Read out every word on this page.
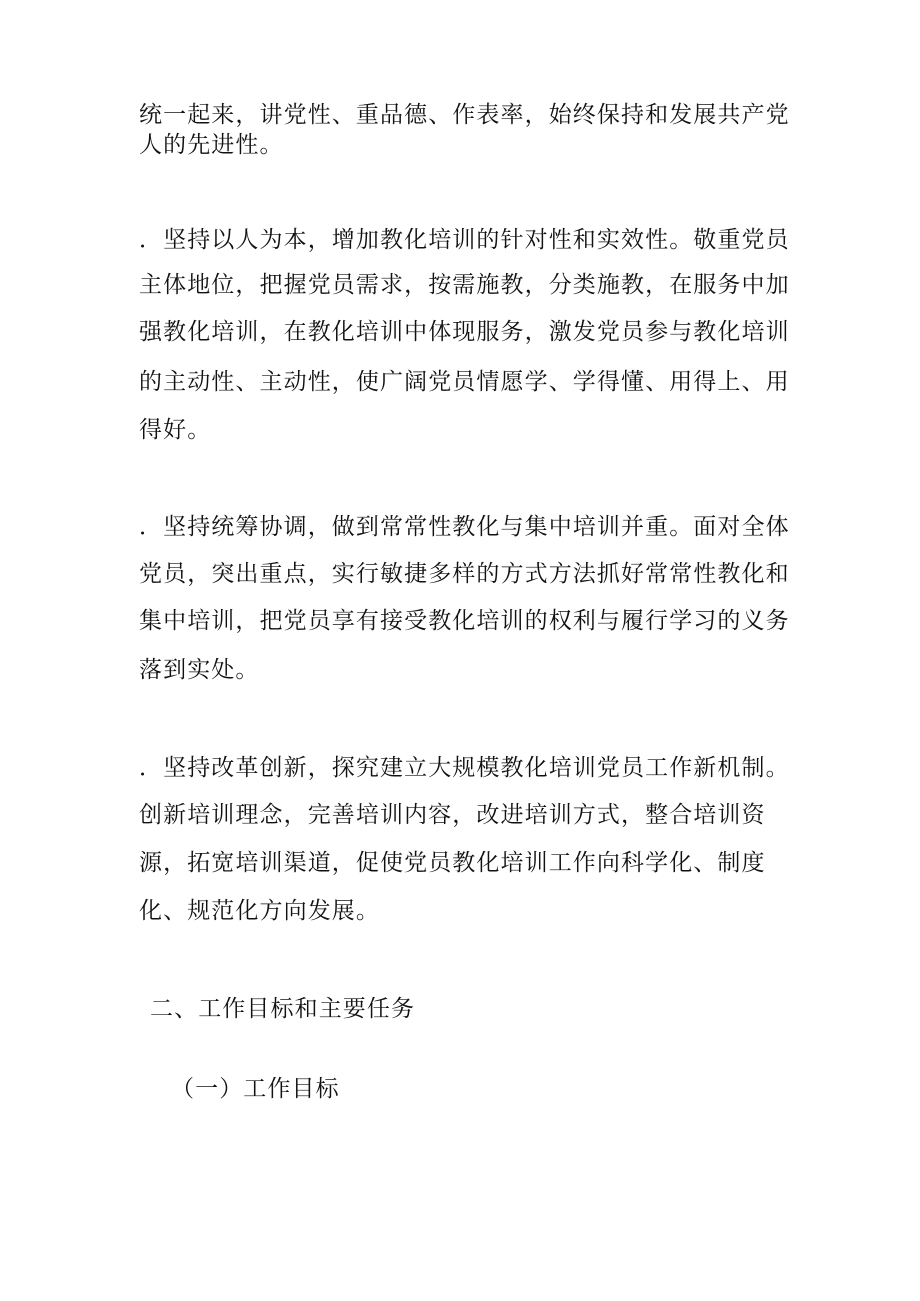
统一起来，讲党性、重品德、作表率，始终保持和发展共产党
人的先进性。
．坚持以人为本，增加教化培训的针对性和实效性。敬重党员
主体地位，把握党员需求，按需施教，分类施教，在服务中加
强教化培训，在教化培训中体现服务，激发党员参与教化培训
的主动性、主动性，使广阔党员情愿学、学得懂、用得上、用
得好。
．坚持统筹协调，做到常常性教化与集中培训并重。面对全体
党员，突出重点，实行敏捷多样的方式方法抓好常常性教化和
集中培训，把党员享有接受教化培训的权利与履行学习的义务
落到实处。
．坚持改革创新，探究建立大规模教化培训党员工作新机制。
创新培训理念，完善培训内容，改进培训方式，整合培训资
源，拓宽培训渠道，促使党员教化培训工作向科学化、制度
化、规范化方向发展。
二、工作目标和主要任务
（一）工作目标
